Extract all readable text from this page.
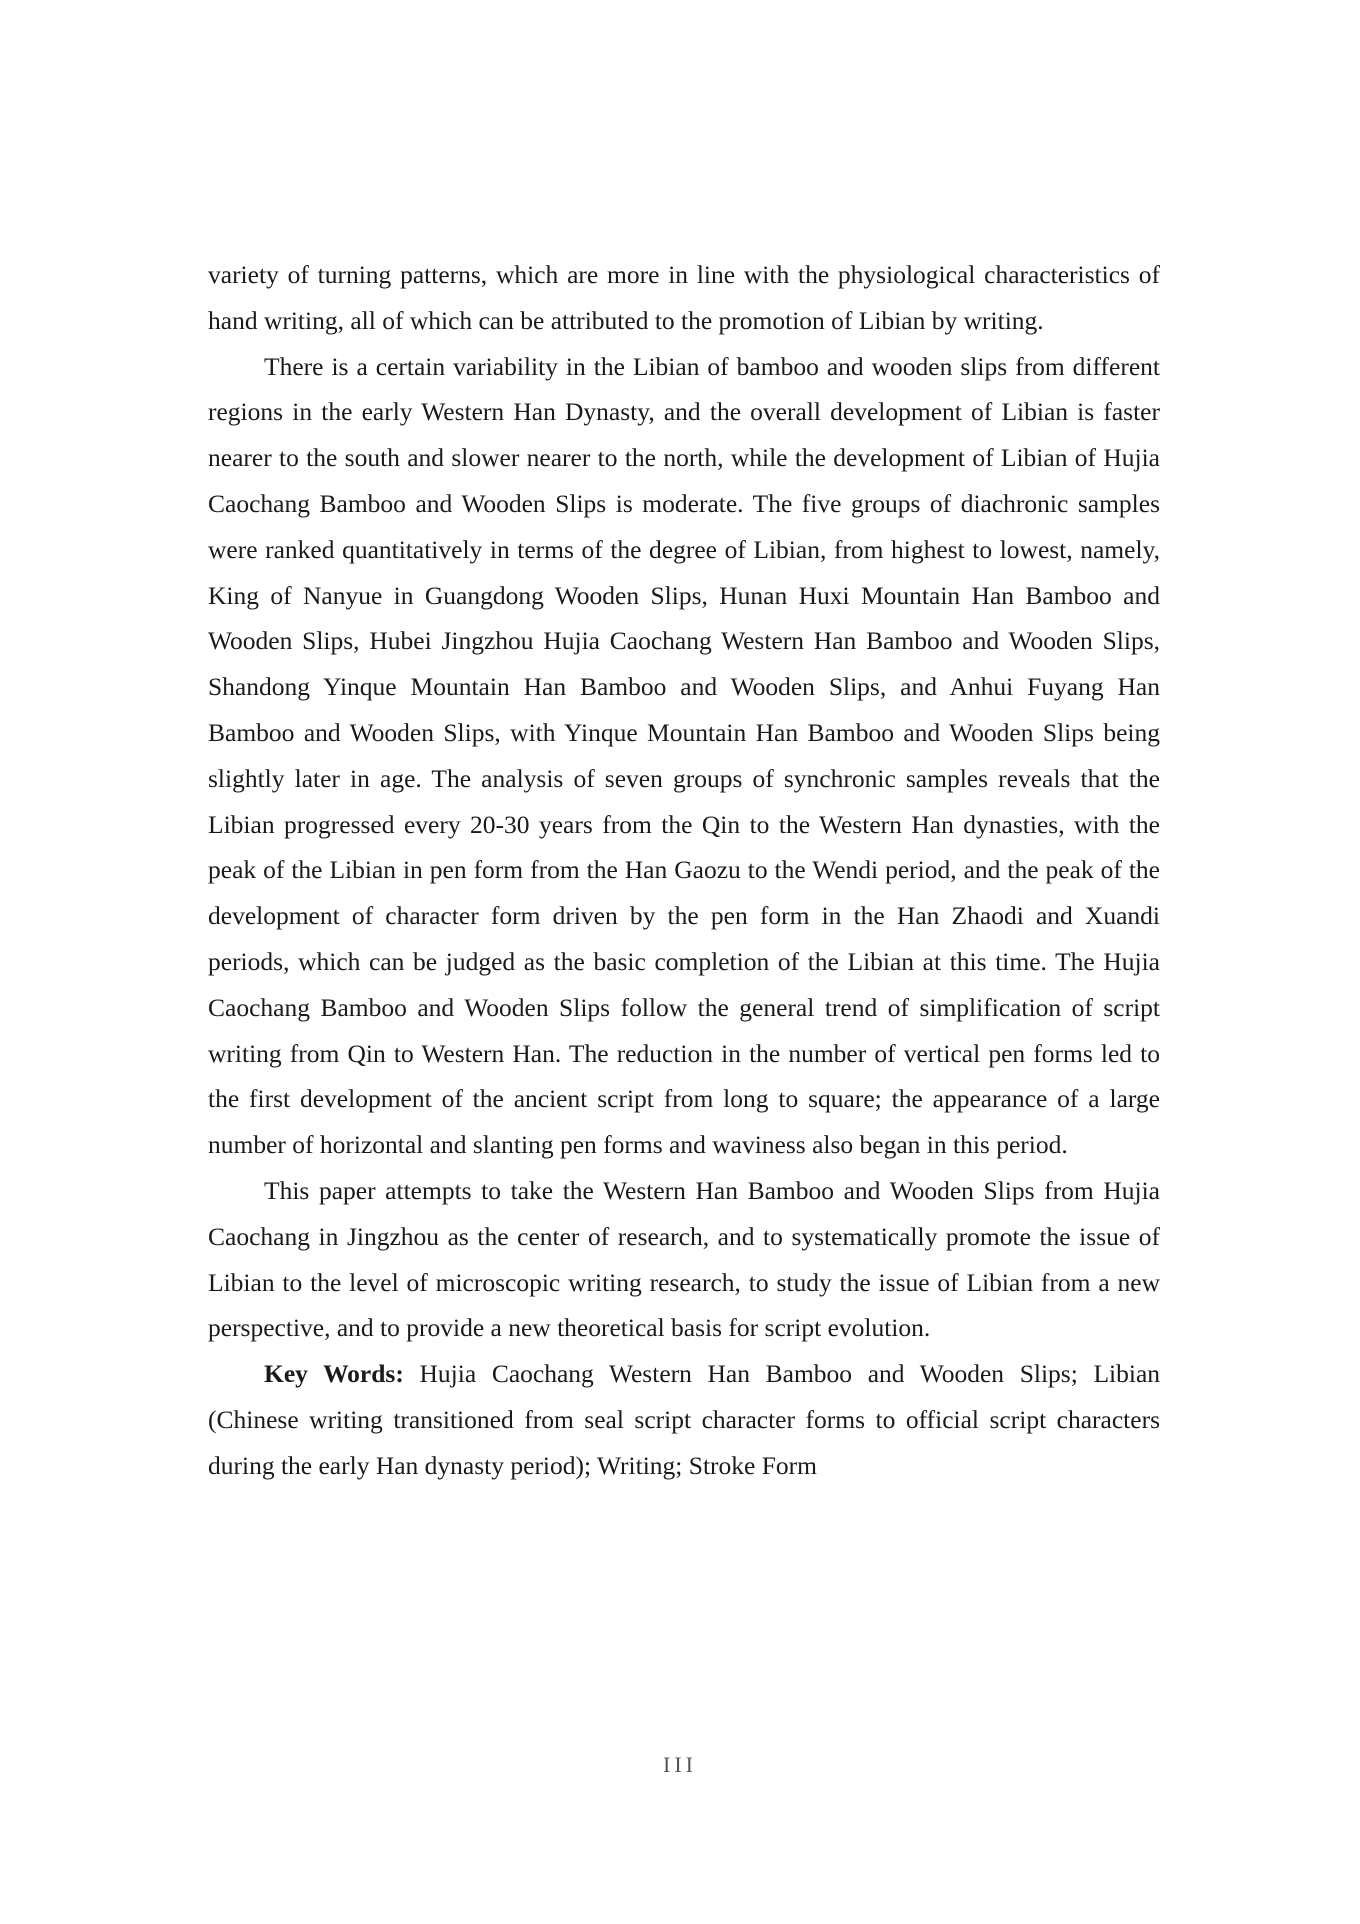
variety of turning patterns, which are more in line with the physiological characteristics of hand writing, all of which can be attributed to the promotion of Libian by writing.

There is a certain variability in the Libian of bamboo and wooden slips from different regions in the early Western Han Dynasty, and the overall development of Libian is faster nearer to the south and slower nearer to the north, while the development of Libian of Hujia Caochang Bamboo and Wooden Slips is moderate. The five groups of diachronic samples were ranked quantitatively in terms of the degree of Libian, from highest to lowest, namely, King of Nanyue in Guangdong Wooden Slips, Hunan Huxi Mountain Han Bamboo and Wooden Slips, Hubei Jingzhou Hujia Caochang Western Han Bamboo and Wooden Slips, Shandong Yinque Mountain Han Bamboo and Wooden Slips, and Anhui Fuyang Han Bamboo and Wooden Slips, with Yinque Mountain Han Bamboo and Wooden Slips being slightly later in age. The analysis of seven groups of synchronic samples reveals that the Libian progressed every 20-30 years from the Qin to the Western Han dynasties, with the peak of the Libian in pen form from the Han Gaozu to the Wendi period, and the peak of the development of character form driven by the pen form in the Han Zhaodi and Xuandi periods, which can be judged as the basic completion of the Libian at this time. The Hujia Caochang Bamboo and Wooden Slips follow the general trend of simplification of script writing from Qin to Western Han. The reduction in the number of vertical pen forms led to the first development of the ancient script from long to square; the appearance of a large number of horizontal and slanting pen forms and waviness also began in this period.

This paper attempts to take the Western Han Bamboo and Wooden Slips from Hujia Caochang in Jingzhou as the center of research, and to systematically promote the issue of Libian to the level of microscopic writing research, to study the issue of Libian from a new perspective, and to provide a new theoretical basis for script evolution.

Key Words: Hujia Caochang Western Han Bamboo and Wooden Slips; Libian (Chinese writing transitioned from seal script character forms to official script characters during the early Han dynasty period); Writing; Stroke Form

III
